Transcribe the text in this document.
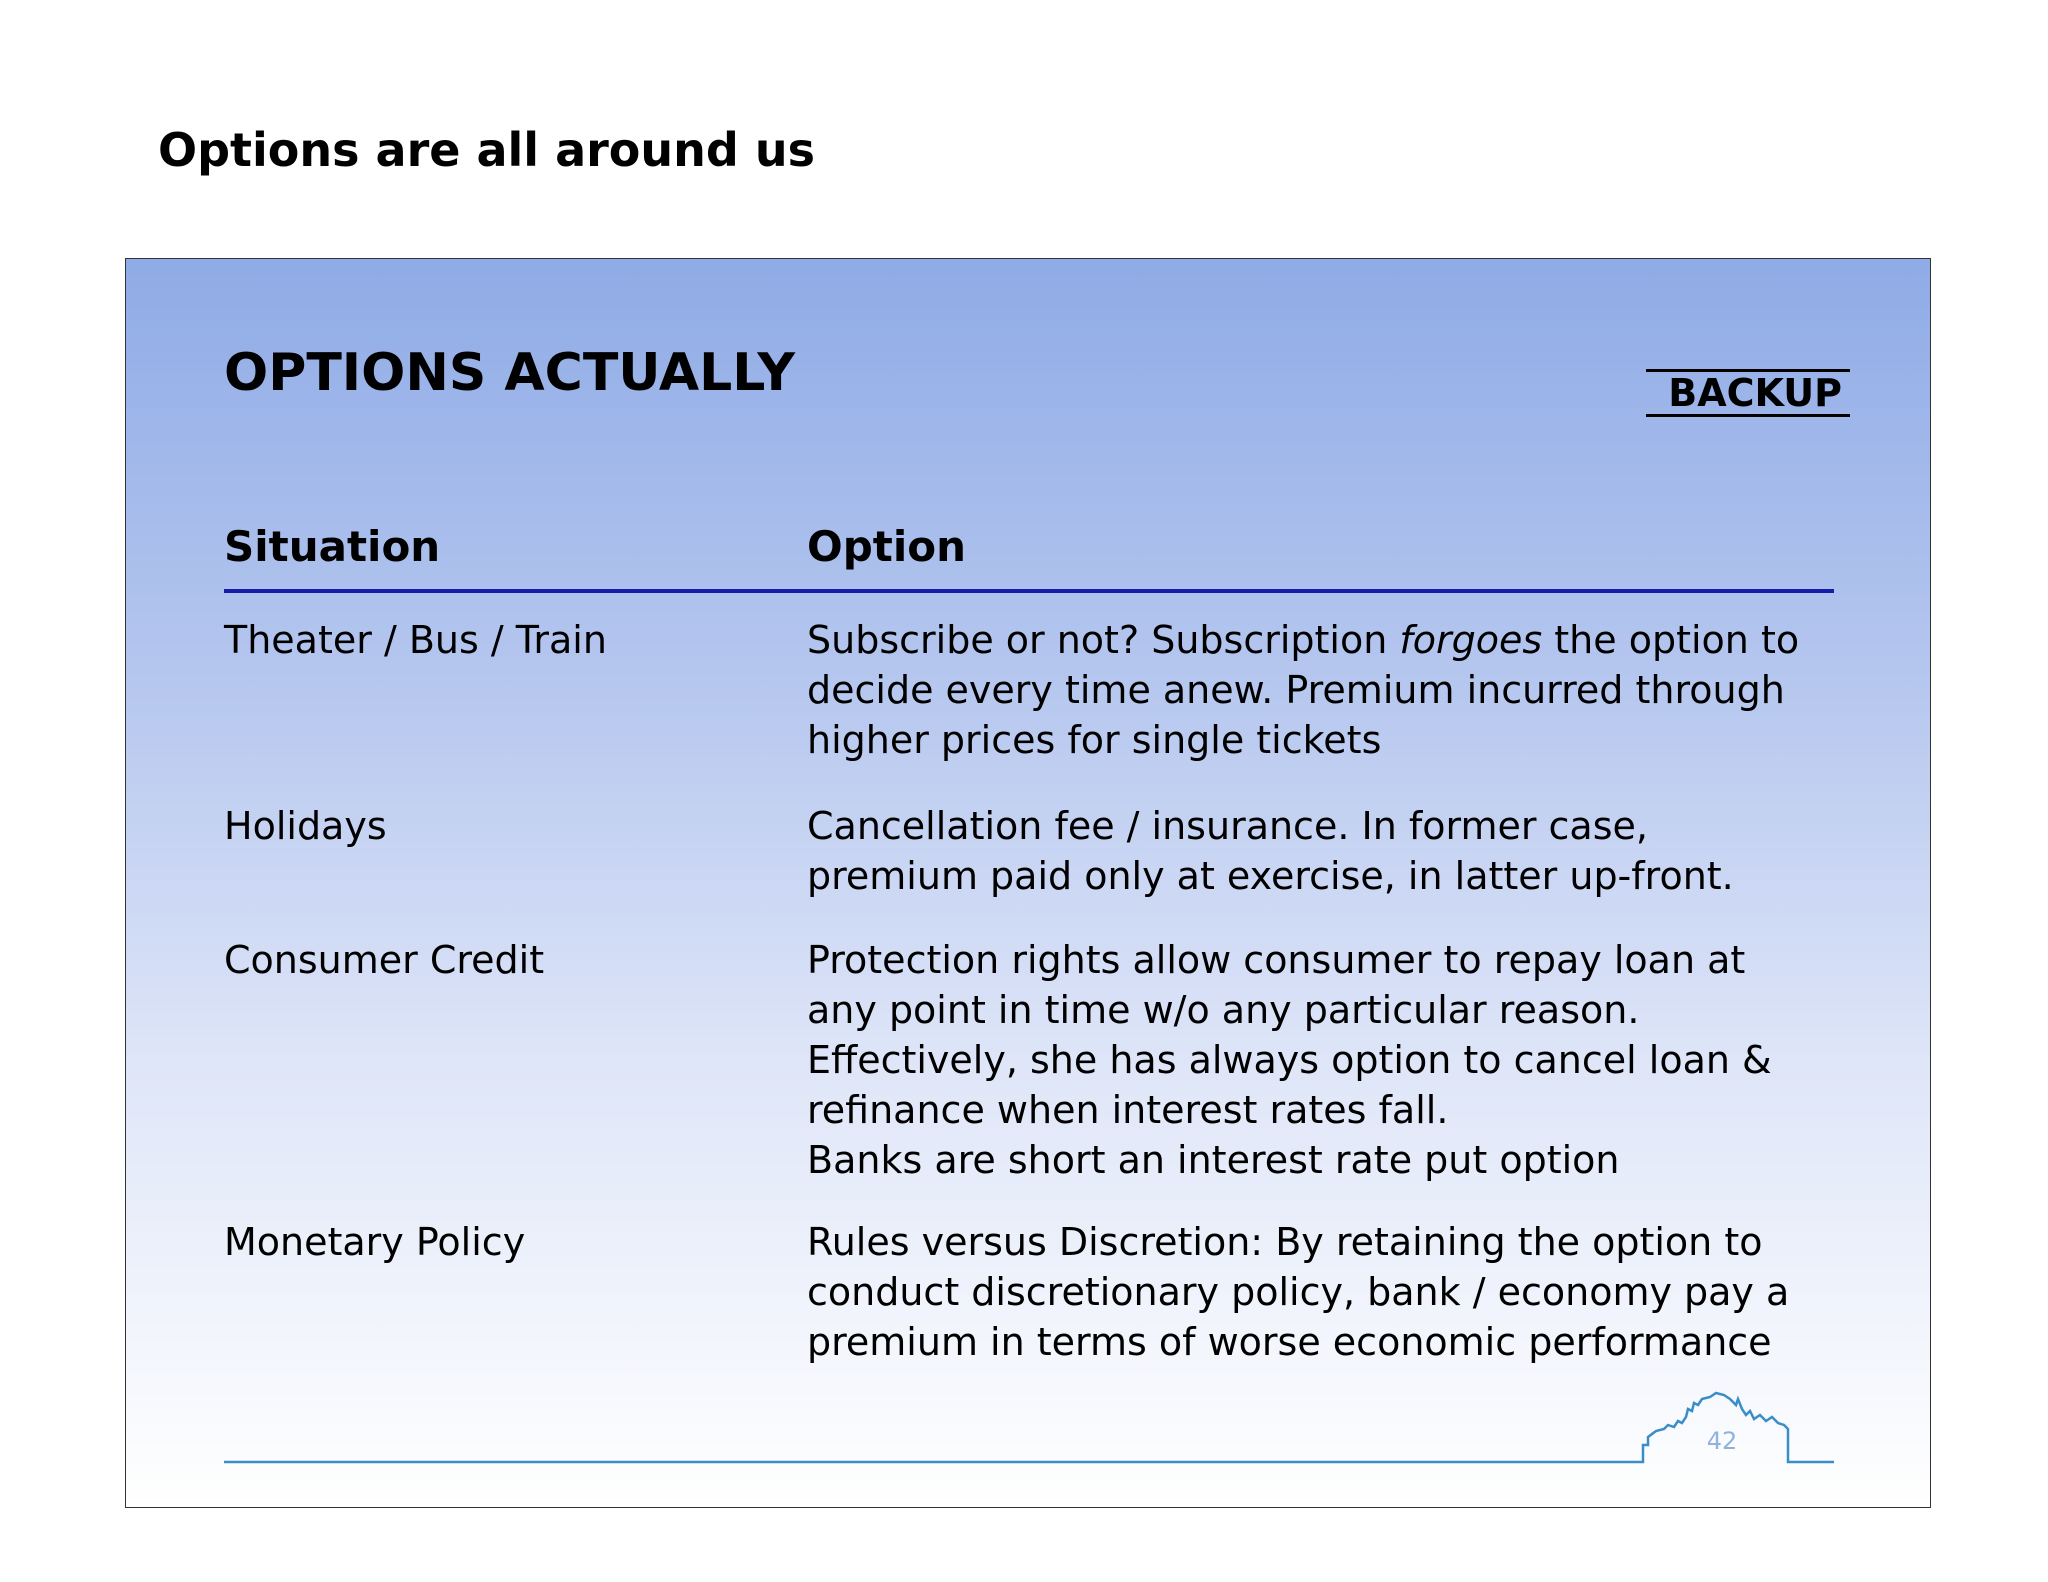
Options are all around us
OPTIONS ACTUALLY	BACKUP
Situation	Option
Theater / Bus / Train	Subscribe or not? Subscription forgoes the option to
decide every time anew. Premium incurred through
higher prices for single tickets
Holidays	Cancellation fee / insurance. In former case,
premium paid only at exercise, in latter up-front.
Consumer Credit	Protection rights allow consumer to repay loan at
any point in time w/o any particular reason.
Effectively, she has always option to cancel loan &
refinance when interest rates fall.
Banks are short an interest rate put option
Monetary Policy	Rules versus Discretion: By retaining the option to
conduct discretionary policy, bank / economy pay a
premium in terms of worse economic performance
42
